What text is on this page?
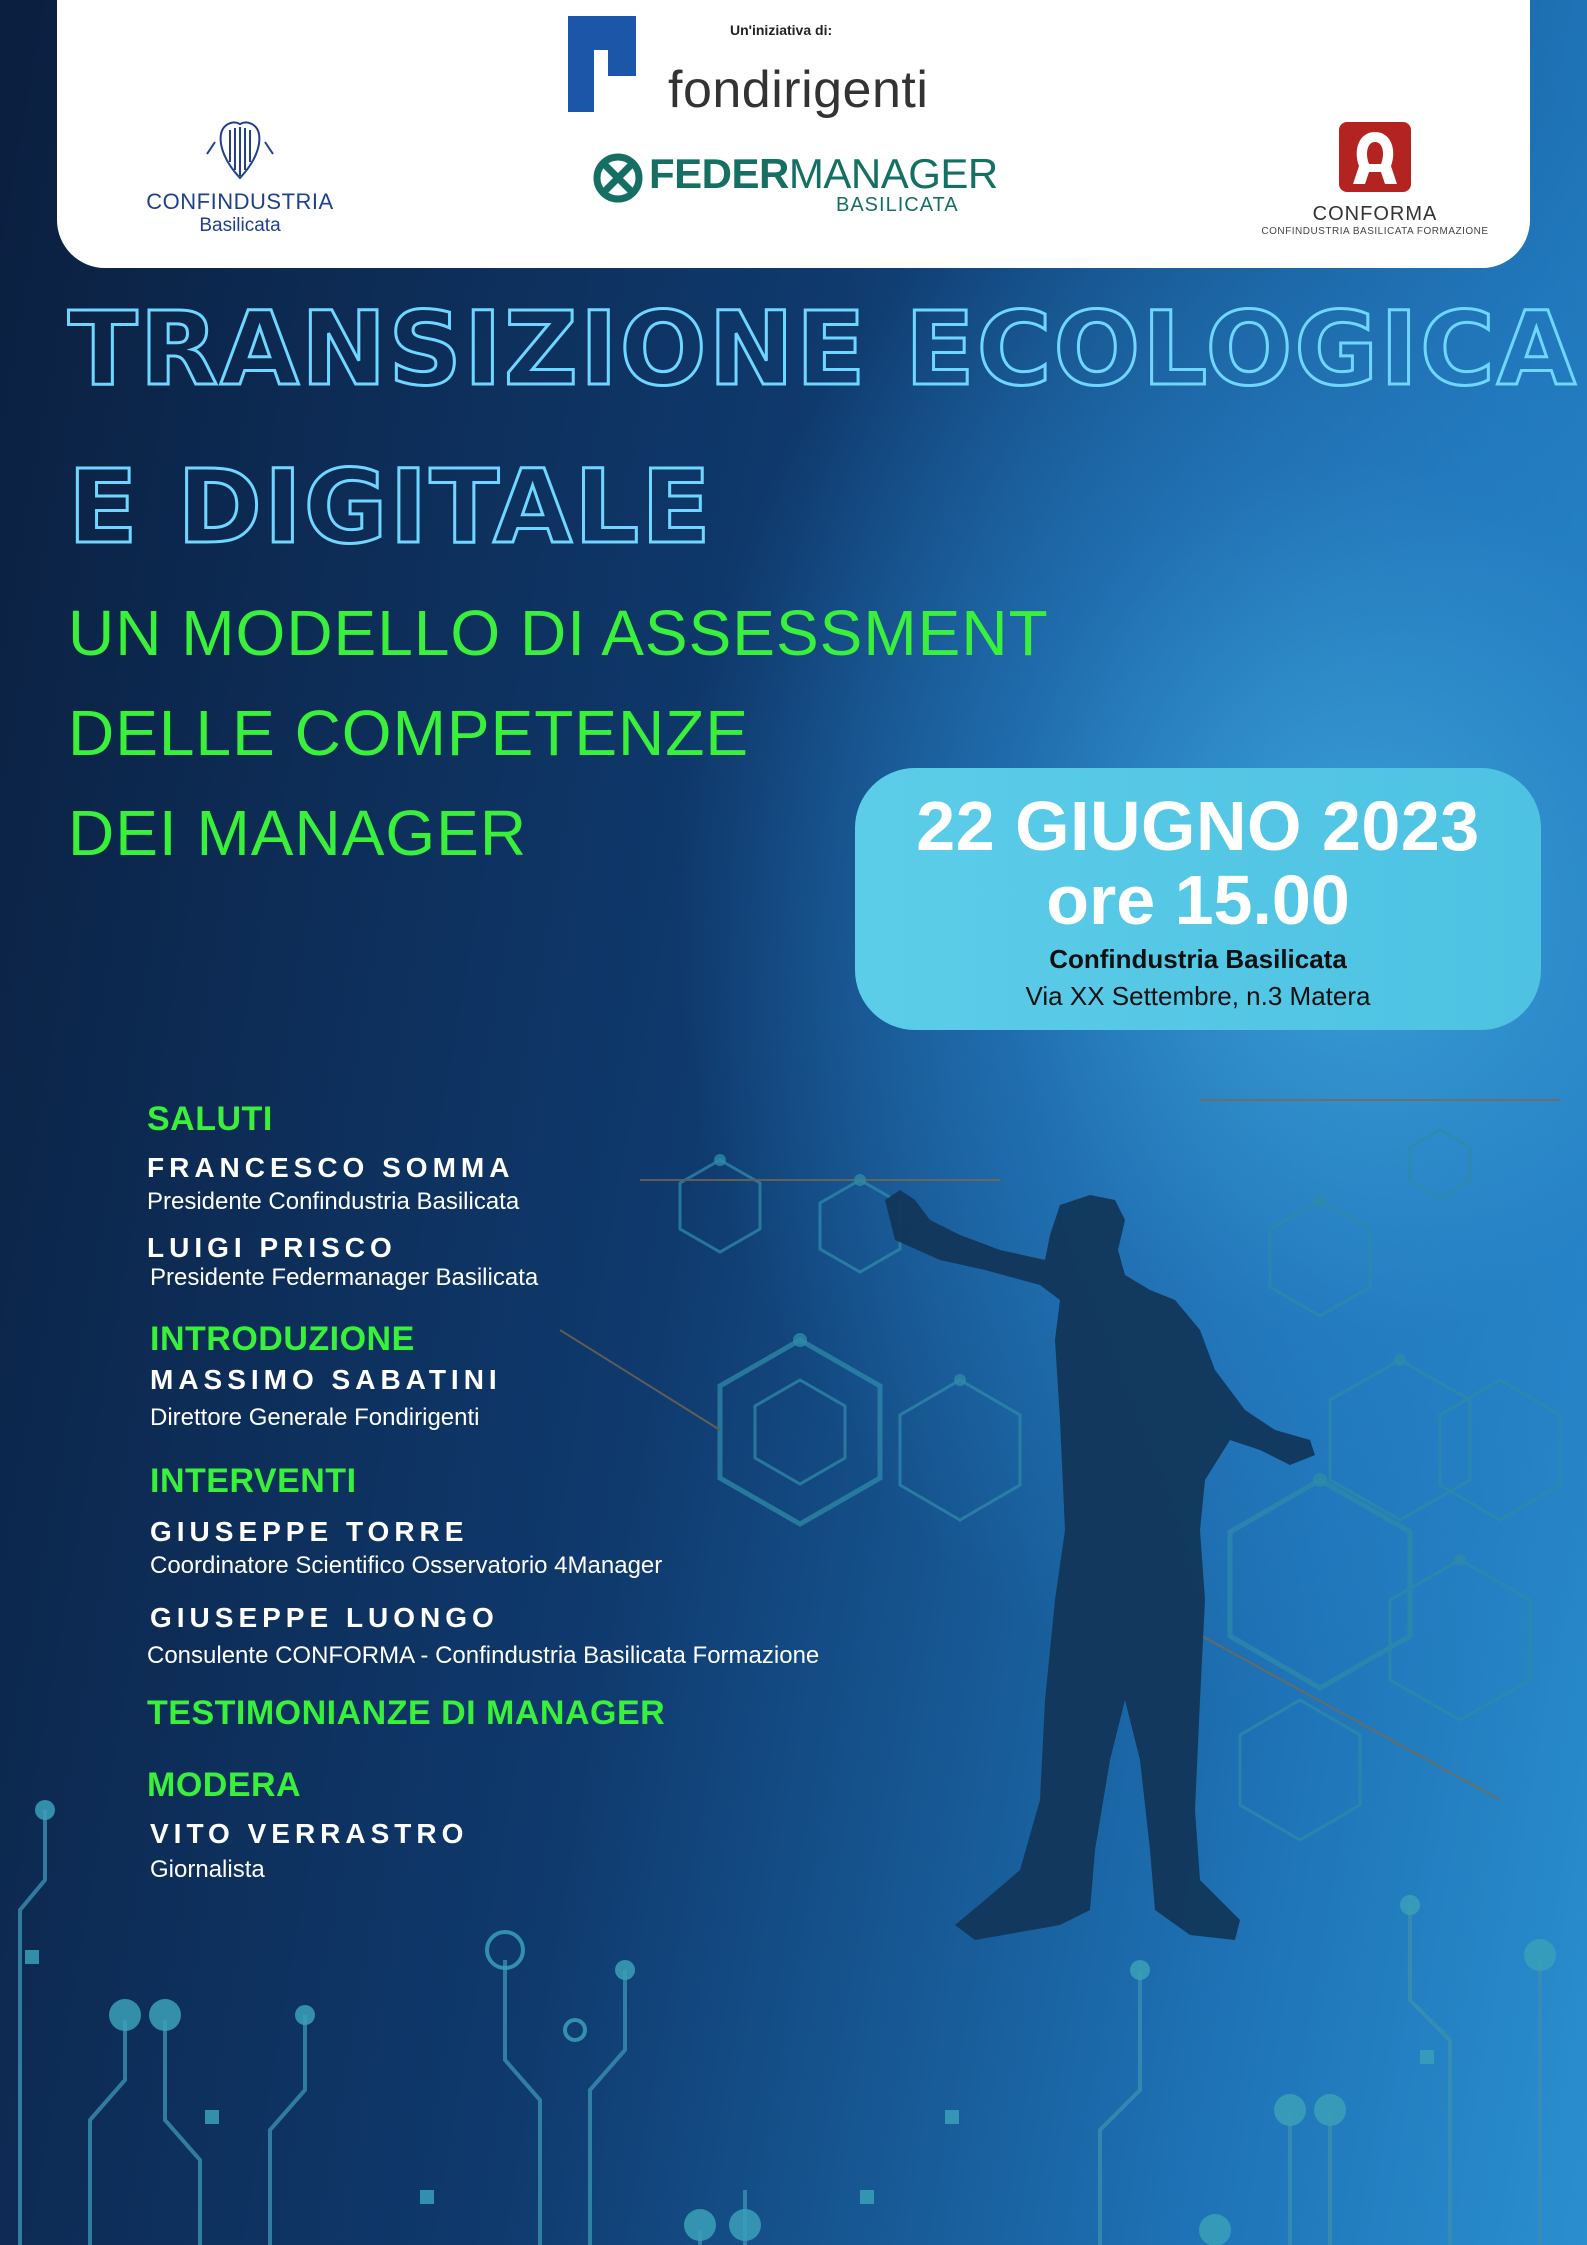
CONFINDUSTRIA
Basilicata
Un'iniziativa di:
fondirigenti
FEDERMANAGER
BASILICATA	CONFORMA
CONFINDUSTRIA BASILICATA FORMAZIONE
TRANSIZIONE ECOLOGICA
E DIGITALE
UN MODELLO DI ASSESSMENT
DELLE COMPETENZE
DEI MANAGER	22 GIUGNO 2023
ore 15.00
Confindustria Basilicata
Via XX Settembre, n.3 Matera
SALUTI
FRANCESCO SOMMA
Presidente Confindustria Basilicata
LUIGI PRISCO
Presidente Federmanager Basilicata
INTRODUZIONE
MASSIMO SABATINI
Direttore Generale Fondirigenti
INTERVENTI
GIUSEPPE TORRE
Coordinatore Scientifico Osservatorio 4Manager
GIUSEPPE LUONGO
Consulente CONFORMA - Confindustria Basilicata Formazione
TESTIMONIANZE DI MANAGER
MODERA
VITO VERRASTRO
Giornalista
